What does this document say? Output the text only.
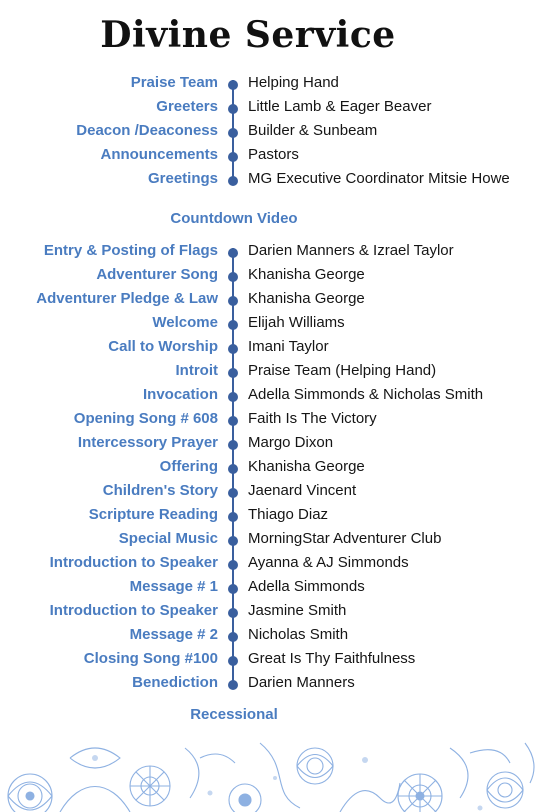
Divine Service
Praise Team Helping Hand
Greeters Little Lamb & Eager Beaver
Deacon /Deaconess Builder & Sunbeam
Announcements Pastors
Greetings MG Executive Coordinator Mitsie Howe
Countdown Video
Entry & Posting of Flags Darien Manners & Izrael Taylor
Adventurer Song Khanisha George
Adventurer Pledge & Law Khanisha George
Welcome Elijah Williams
Call to Worship Imani Taylor
Introit Praise Team (Helping Hand)
Invocation Adella Simmonds & Nicholas Smith
Opening Song # 608 Faith Is The Victory
Intercessory Prayer Margo Dixon
Offering Khanisha George
Children's Story Jaenard Vincent
Scripture Reading Thiago Diaz
Special Music MorningStar Adventurer Club
Introduction to Speaker Ayanna & AJ Simmonds
Message # 1 Adella Simmonds
Introduction to Speaker Jasmine Smith
Message # 2 Nicholas Smith
Closing Song #100 Great Is Thy Faithfulness
Benediction Darien Manners
Recessional
